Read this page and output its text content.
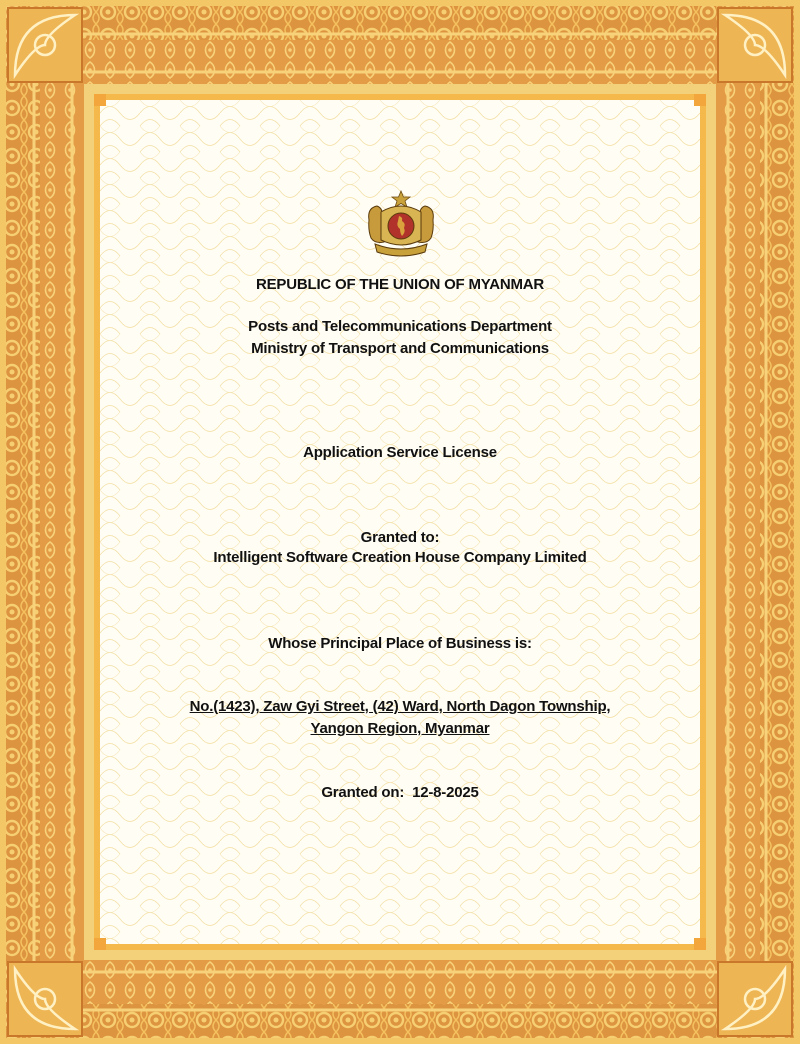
REPUBLIC OF THE UNION OF MYANMAR
Posts and Telecommunications Department
Ministry of Transport and Communications
Application Service License
Granted to:
Intelligent Software Creation House Company Limited
Whose Principal Place of Business is:
No.(1423), Zaw Gyi Street, (42) Ward, North Dagon Township,
Yangon Region, Myanmar
Granted on: 12-8-2025
